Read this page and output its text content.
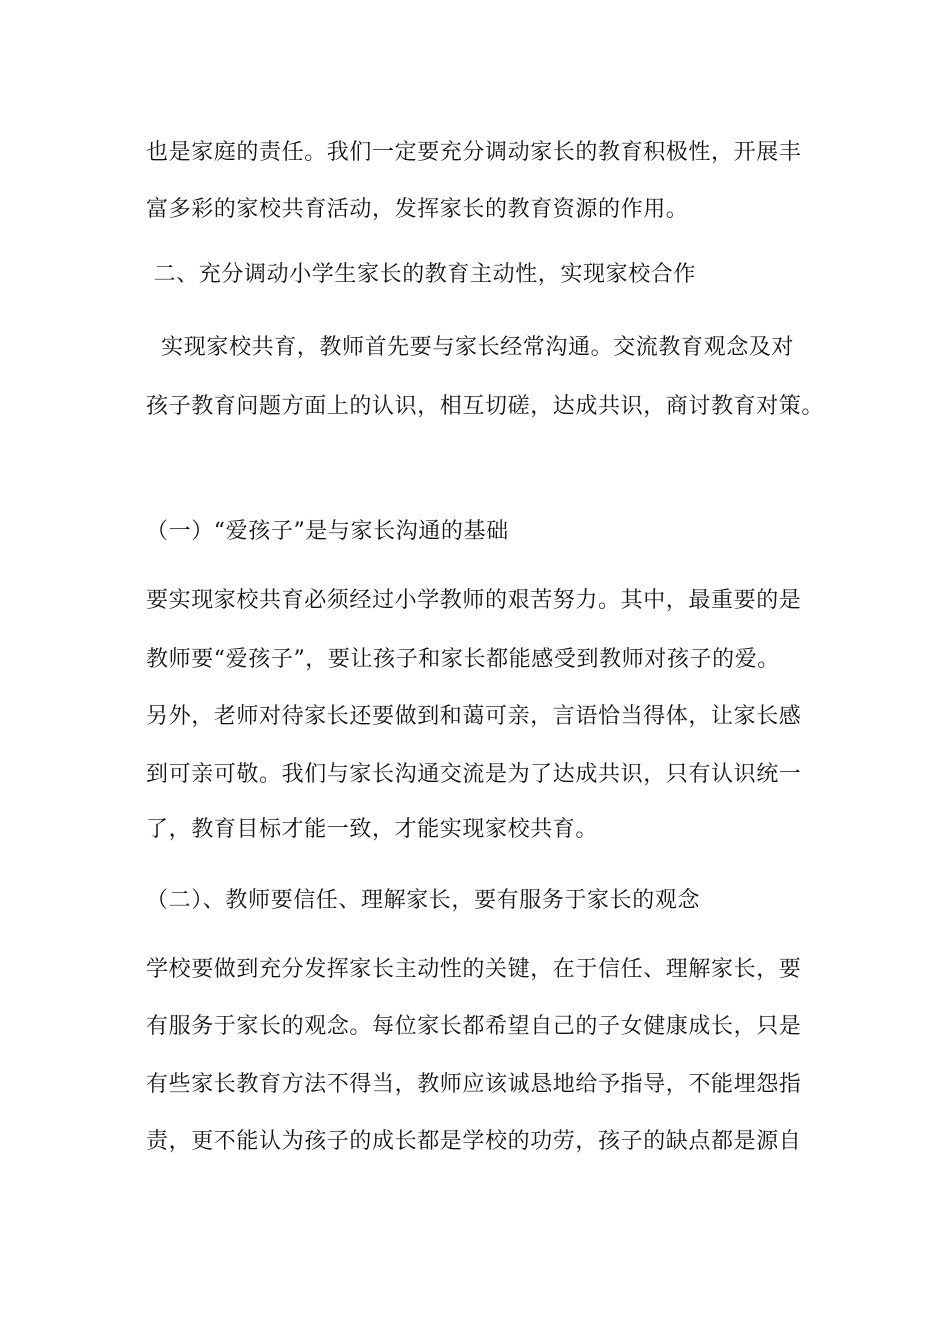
也是家庭的责任。我们一定要充分调动家长的教育积极性，开展丰
富多彩的家校共育活动，发挥家长的教育资源的作用。
二、充分调动小学生家长的教育主动性，实现家校合作
实现家校共育，教师首先要与家长经常沟通。交流教育观念及对
孩子教育问题方面上的认识，相互切磋，达成共识，商讨教育对策。
（一）“爱孩子”是与家长沟通的基础
要实现家校共育必须经过小学教师的艰苦努力。其中，最重要的是
教师要“爱孩子”，要让孩子和家长都能感受到教师对孩子的爱。
另外，老师对待家长还要做到和蔼可亲，言语恰当得体，让家长感
到可亲可敬。我们与家长沟通交流是为了达成共识，只有认识统一
了，教育目标才能一致，才能实现家校共育。
（二）、教师要信任、理解家长，要有服务于家长的观念
学校要做到充分发挥家长主动性的关键，在于信任、理解家长，要
有服务于家长的观念。每位家长都希望自己的子女健康成长，只是
有些家长教育方法不得当，教师应该诚恳地给予指导，不能埋怨指
责，更不能认为孩子的成长都是学校的功劳，孩子的缺点都是源自
